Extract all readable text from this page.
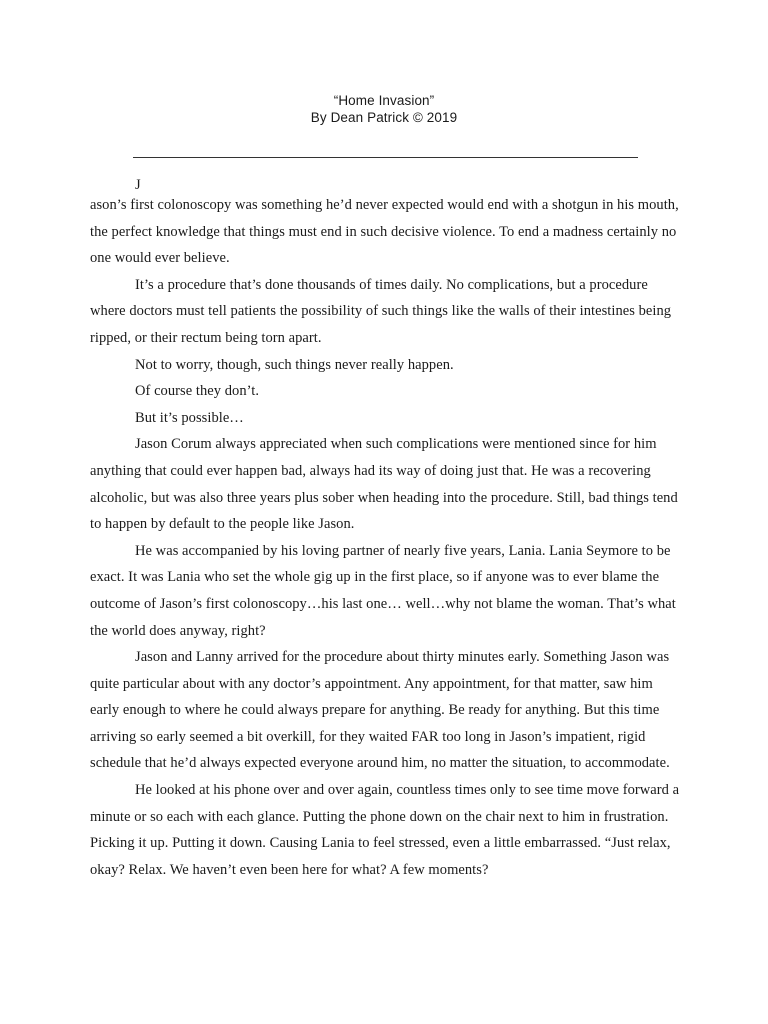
“Home Invasion”
By Dean Patrick © 2019
J

ason’s first colonoscopy was something he’d never expected would end with a shotgun in his mouth, the perfect knowledge that things must end in such decisive violence. To end a madness certainly no one would ever believe.

It’s a procedure that’s done thousands of times daily. No complications, but a procedure where doctors must tell patients the possibility of such things like the walls of their intestines being ripped, or their rectum being torn apart.

Not to worry, though, such things never really happen.

Of course they don’t.

But it’s possible…

Jason Corum always appreciated when such complications were mentioned since for him anything that could ever happen bad, always had its way of doing just that. He was a recovering alcoholic, but was also three years plus sober when heading into the procedure. Still, bad things tend to happen by default to the people like Jason.

He was accompanied by his loving partner of nearly five years, Lania. Lania Seymore to be exact. It was Lania who set the whole gig up in the first place, so if anyone was to ever blame the outcome of Jason’s first colonoscopy…his last one… well…why not blame the woman. That’s what the world does anyway, right?

Jason and Lanny arrived for the procedure about thirty minutes early. Something Jason was quite particular about with any doctor’s appointment. Any appointment, for that matter, saw him early enough to where he could always prepare for anything. Be ready for anything. But this time arriving so early seemed a bit overkill, for they waited FAR too long in Jason’s impatient, rigid schedule that he’d always expected everyone around him, no matter the situation, to accommodate.

He looked at his phone over and over again, countless times only to see time move forward a minute or so each with each glance. Putting the phone down on the chair next to him in frustration. Picking it up. Putting it down. Causing Lania to feel stressed, even a little embarrassed. “Just relax, okay? Relax. We haven’t even been here for what? A few moments?
